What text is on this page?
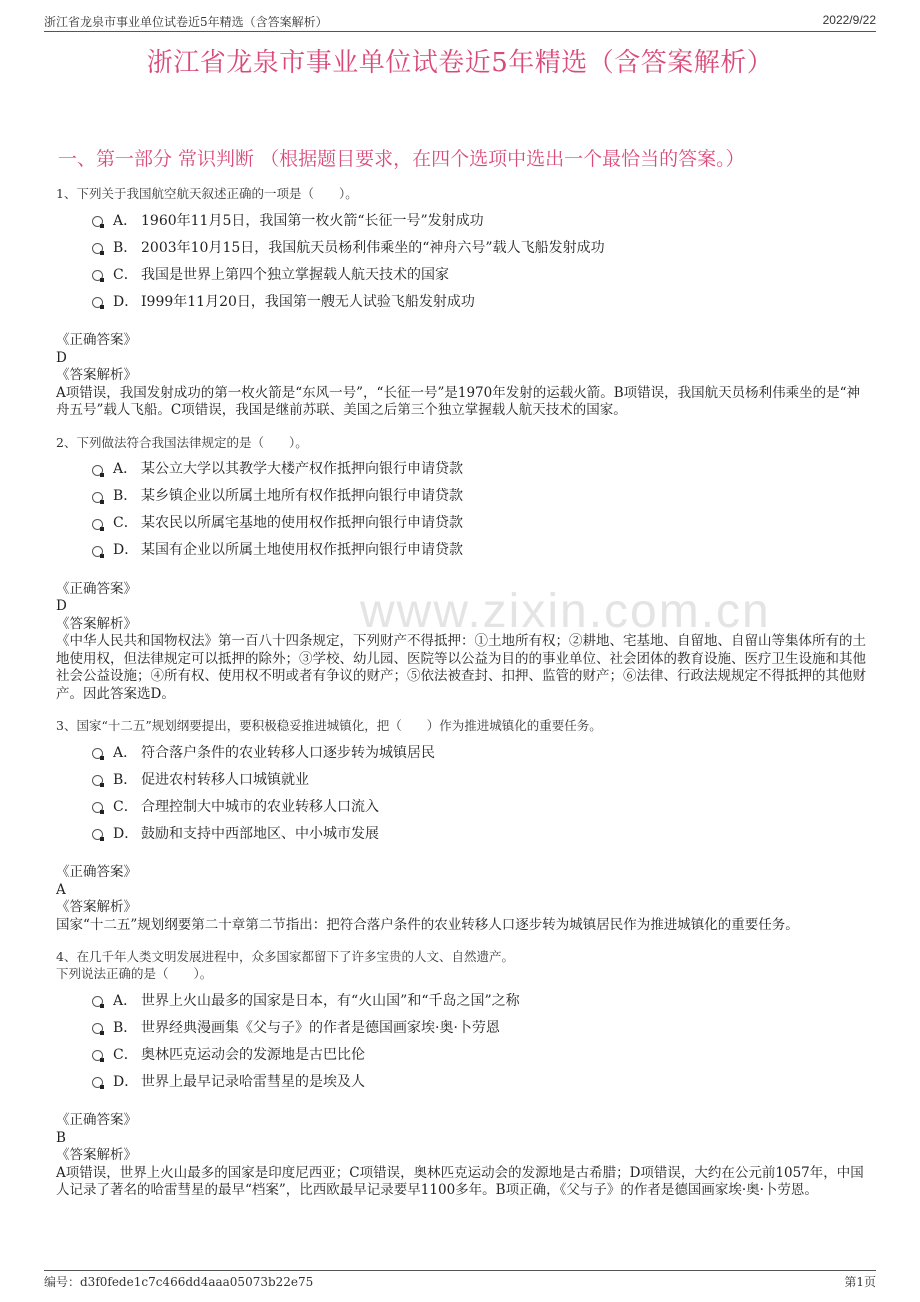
浙江省龙泉市事业单位试卷近5年精选（含答案解析）	2022/9/22
浙江省龙泉市事业单位试卷近5年精选（含答案解析）
一、第一部分 常识判断 （根据题目要求，在四个选项中选出一个最恰当的答案。）
www.zixin.com.cn

1、下列关于我国航空航天叙述正确的一项是（　　）。

A． 1960年11月5日，我国第一枚火箭“长征一号”发射成功
B． 2003年10月15日，我国航天员杨利伟乘坐的“神舟六号”载人飞船发射成功
C． 我国是世界上第四个独立掌握载人航天技术的国家
D． I999年11月20日，我国第一艘无人试验飞船发射成功
《正确答案》
D
《答案解析》
A项错误，我国发射成功的第一枚火箭是“东风一号”，“长征一号”是1970年发射的运载火箭。B项错误，我国航天员杨利伟乘坐的是“神舟五号”载人飞船。C项错误，我国是继前苏联、美国之后第三个独立掌握载人航天技术的国家。

2、下列做法符合我国法律规定的是（　　）。

A． 某公立大学以其教学大楼产权作抵押向银行申请贷款
B． 某乡镇企业以所属土地所有权作抵押向银行申请贷款
C． 某农民以所属宅基地的使用权作抵押向银行申请贷款
D． 某国有企业以所属土地使用权作抵押向银行申请贷款
《正确答案》
D
《答案解析》
《中华人民共和国物权法》第一百八十四条规定，下列财产不得抵押：①土地所有权；②耕地、宅基地、自留地、自留山等集体所有的土地使用权，但法律规定可以抵押的除外；③学校、幼儿园、医院等以公益为目的的事业单位、社会团体的教育设施、医疗卫生设施和其他社会公益设施；④所有权、使用权不明或者有争议的财产；⑤依法被查封、扣押、监管的财产；⑥法律、行政法规规定不得抵押的其他财产。因此答案选D。

3、国家“十二五”规划纲要提出，要积极稳妥推进城镇化，把（　　）作为推进城镇化的重要任务。

A． 符合落户条件的农业转移人口逐步转为城镇居民
B． 促进农村转移人口城镇就业
C． 合理控制大中城市的农业转移人口流入
D． 鼓励和支持中西部地区、中小城市发展
《正确答案》
A
《答案解析》
国家“十二五”规划纲要第二十章第二节指出：把符合落户条件的农业转移人口逐步转为城镇居民作为推进城镇化的重要任务。

4、在几千年人类文明发展进程中，众多国家都留下了许多宝贵的人文、自然遗产。

下列说法正确的是（　　）。

A． 世界上火山最多的国家是日本，有“火山国”和“千岛之国”之称
B． 世界经典漫画集《父与子》的作者是德国画家埃·奥·卜劳恩
C． 奥林匹克运动会的发源地是古巴比伦
D． 世界上最早记录哈雷彗星的是埃及人
《正确答案》
B
《答案解析》
A项错误，世界上火山最多的国家是印度尼西亚；C项错误，奥林匹克运动会的发源地是古希腊；D项错误，大约在公元前1057年，中国人记录了著名的哈雷彗星的最早“档案”，比西欧最早记录要早1100多年。B项正确，《父与子》的作者是德国画家埃·奥·卜劳恩。
编号：d3f0fede1c7c466dd4aaa05073b22e75	第1页
